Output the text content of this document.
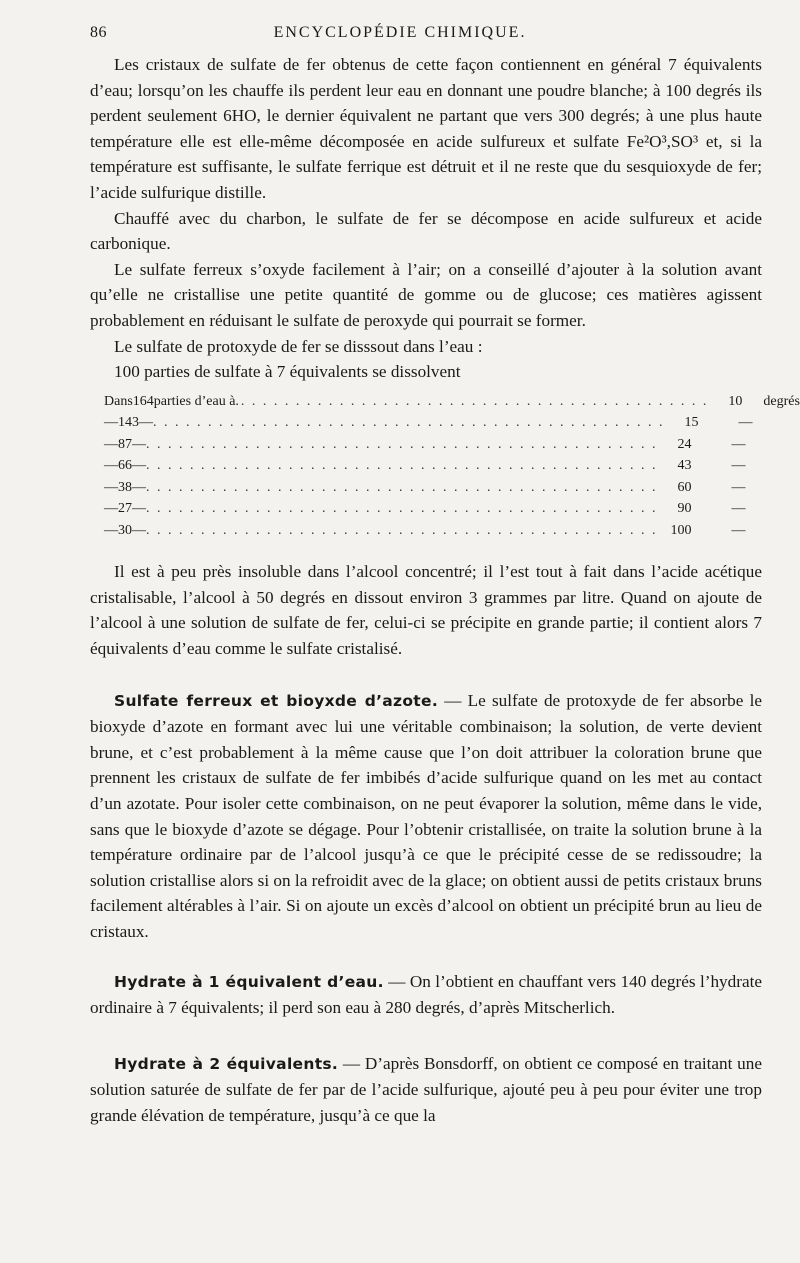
86	ENCYCLOPÉDIE CHIMIQUE.

Les cristaux de sulfate de fer obtenus de cette façon contiennent en général 7 équivalents d’eau; lorsqu’on les chauffe ils perdent leur eau en donnant une poudre blanche; à 100 degrés ils perdent seulement 6HO, le dernier équivalent ne partant que vers 300 degrés; à une plus haute température elle est elle-même décomposée en acide sulfureux et sulfate Fe²O³,SO³ et, si la température est suffisante, le sulfate ferrique est détruit et il ne reste que du sesquioxyde de fer; l’acide sulfurique distille.

Chauffé avec du charbon, le sulfate de fer se décompose en acide sulfureux et acide carbonique.

Le sulfate ferreux s’oxyde facilement à l’air; on a conseillé d’ajouter à la solution avant qu’elle ne cristallise une petite quantité de gomme ou de glucose; ces matières agissent probablement en réduisant le sulfate de peroxyde qui pourrait se former.

Le sulfate de protoxyde de fer se disssout dans l’eau :

100 parties de sulfate à 7 équivalents se dissolvent

Dans 164 parties d’eau à. . . . . . . . . . . . . . . . . . . . . . . . . . . . . . . . . . . . . . . . . . . .	10 degrés
— 143 — . . . . . . . . . . . . . . . . . . . . . . . . . . . . . . . . . . . . . . . . . . . . . . .	15	—
— 87 — . . . . . . . . . . . . . . . . . . . . . . . . . . . . . . . . . . . . . . . . . . . . . . .	24	—
— 66 — . . . . . . . . . . . . . . . . . . . . . . . . . . . . . . . . . . . . . . . . . . . . . . .	43	—
— 38 — . . . . . . . . . . . . . . . . . . . . . . . . . . . . . . . . . . . . . . . . . . . . . . .	60	—
— 27 — . . . . . . . . . . . . . . . . . . . . . . . . . . . . . . . . . . . . . . . . . . . . . . .	90	—
— 30 — . . . . . . . . . . . . . . . . . . . . . . . . . . . . . . . . . . . . . . . . . . . . . . . 100	—

Il est à peu près insoluble dans l’alcool concentré; il l’est tout à fait dans l’acide acétique cristalisable, l’alcool à 50 degrés en dissout environ 3 grammes par litre. Quand on ajoute de l’alcool à une solution de sulfate de fer, celui-ci se précipite en grande partie; il contient alors 7 équivalents d’eau comme le sulfate cristalisé.

Sulfate ferreux et bioyxde d’azote. — Le sulfate de protoxyde de fer absorbe le bioxyde d’azote en formant avec lui une véritable combinaison; la solution, de verte devient brune, et c’est probablement à la même cause que l’on doit attribuer la coloration brune que prennent les cristaux de sulfate de fer imbibés d’acide sulfurique quand on les met au contact d’un azotate. Pour isoler cette combinaison, on ne peut évaporer la solution, même dans le vide, sans que le bioxyde d’azote se dégage. Pour l’obtenir cristallisée, on traite la solution brune à la température ordinaire par de l’alcool jusqu’à ce que le précipité cesse de se redissoudre; la solution cristallise alors si on la refroidit avec de la glace; on obtient aussi de petits cristaux bruns facilement altérables à l’air. Si on ajoute un excès d’alcool on obtient un précipité brun au lieu de cristaux.

Hydrate à 1 équivalent d’eau. — On l’obtient en chauffant vers 140 degrés l’hydrate ordinaire à 7 équivalents; il perd son eau à 280 degrés, d’après Mitscherlich.

Hydrate à 2 équivalents. — D’après Bonsdorff, on obtient ce composé en traitant une solution saturée de sulfate de fer par de l’acide sulfurique, ajouté peu à peu pour éviter une trop grande élévation de température, jusqu’à ce que la
